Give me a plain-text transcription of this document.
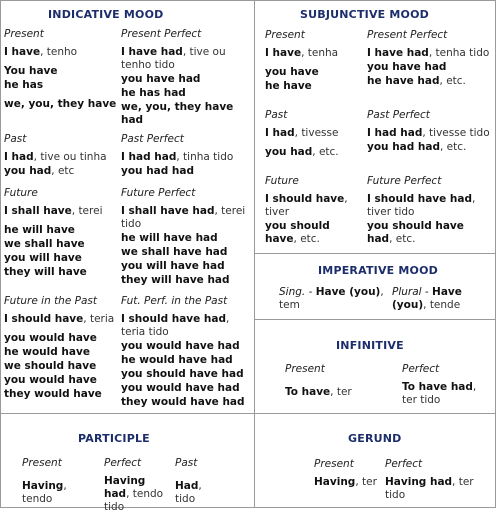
INDICATIVE MOOD
Present
I have, tenho
You have
he has
we, you, they have
Present Perfect
I have had, tive ou tenho tido
you have had
he has had
we, you, they have had
Past
I had, tive ou tinha
you had, etc
Past Perfect
I had had, tinha tido
you had had
Future
I shall have, terei
he will have
we shall have
you will have
they will have
Future Perfect
I shall have had, terei tido
he will have had
we shall have had
you will have had
they will have had
Future in the Past
I should have, teria
you would have
he would have
we should have
you would have
they would have
Fut. Perf. in the Past
I should have had, teria tido
you would have had
he would have had
you should have had
you would have had
they would have had
SUBJUNCTIVE MOOD
Present
I have, tenha
you have
he have
Present Perfect
I have had, tenha tido
you have had
he have had, etc.
Past
I had, tivesse
you had, etc.
Past Perfect
I had had, tivesse tido
you had had, etc.
Future
I should have, tiver
you should have, etc.
Future Perfect
I should have had, tiver tido
you should have had, etc.
IMPERATIVE MOOD
Sing. - Have (you), tem
Plural - Have (you), tende
INFINITIVE
Present
To have, ter
Perfect
To have had, ter tido
PARTICIPLE
Present
Having, tendo
Perfect
Having had, tendo tido
Past
Had, tido
GERUND
Present
Having, ter
Perfect
Having had, ter tido
